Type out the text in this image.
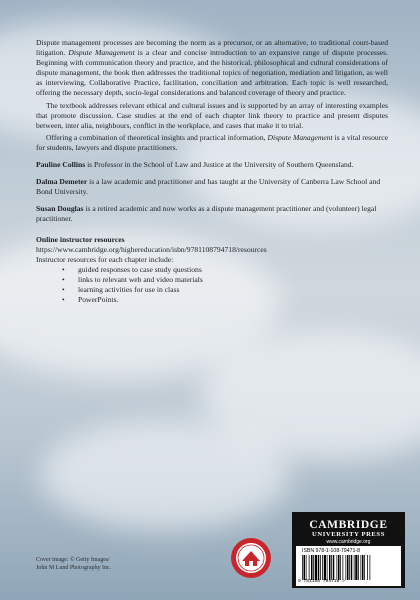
Dispute management processes are becoming the norm as a precursor, or an alternative, to traditional court-based litigation. Dispute Management is a clear and concise introduction to an expansive range of dispute processes. Beginning with communication theory and practice, and the historical, philosophical and cultural considerations of dispute management, the book then addresses the traditional topics of negotiation, mediation and litigation, as well as interviewing, Collaborative Practice, facilitation, conciliation and arbitration. Each topic is well researched, offering the necessary depth, socio-legal considerations and balanced coverage of theory and practice.

The textbook addresses relevant ethical and cultural issues and is supported by an array of interesting examples that promote discussion. Case studies at the end of each chapter link theory to practice and present disputes between, inter alia, neighbours, conflict in the workplace, and cases that make it to trial.

Offering a combination of theoretical insights and practical information, Dispute Management is a vital resource for students, lawyers and dispute practitioners.

Pauline Collins is Professor in the School of Law and Justice at the University of Southern Queensland.

Dalma Demeter is a law academic and practitioner and has taught at the University of Canberra Law School and Bond University.

Susan Douglas is a retired academic and now works as a dispute management practitioner and (volunteer) legal practitioner.

Online instructor resources

https://www.cambridge.org/highereducation/isbn/9781108794718/resources

Instructor resources for each chapter include:

• guided responses to case study questions
• links to relevant web and video materials
• learning activities for use in class
• PowerPoints.
Cover image: © Getty Images/
John M Lund Photography Inc.
CAMBRIDGE
UNIVERSITY PRESS
www.cambridge.org
ISBN 978-1-108-79471-8
9 781108 794718 >
